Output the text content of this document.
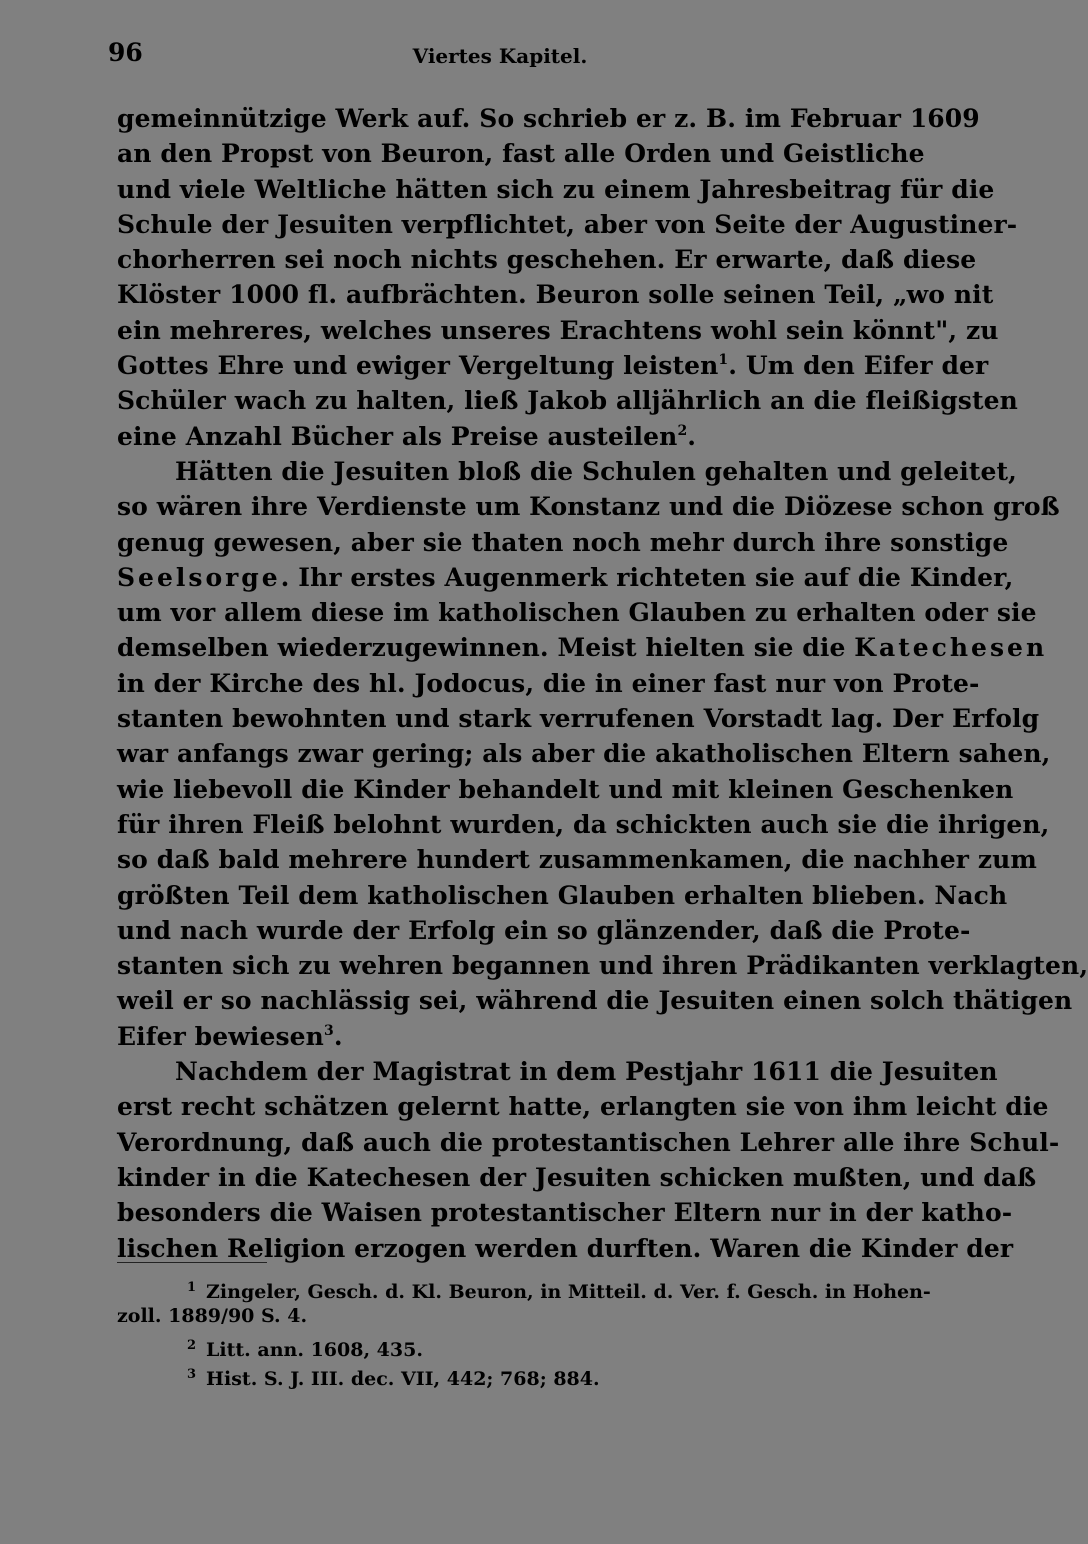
96	Viertes Kapitel.
gemeinnützige Werk auf. So schrieb er z. B. im Februar 1609
an den Propst von Beuron, fast alle Orden und Geistliche
und viele Weltliche hätten sich zu einem Jahresbeitrag für die
Schule der Jesuiten verpflichtet, aber von Seite der Augustiner-
chorherren sei noch nichts geschehen. Er erwarte, daß diese
Klöster 1000 fl. aufbrächten. Beuron solle seinen Teil, „wo nit
ein mehreres, welches unseres Erachtens wohl sein könnt", zu
Gottes Ehre und ewiger Vergeltung leisten$^1$. Um den Eifer der
Schüler wach zu halten, ließ Jakob alljährlich an die fleißigsten
eine Anzahl Bücher als Preise austeilen$^2$.
Hätten die Jesuiten bloß die Schulen gehalten und geleitet,
so wären ihre Verdienste um Konstanz und die Diözese schon groß
genug gewesen, aber sie thaten noch mehr durch ihre sonstige
Seelsorge. Ihr erstes Augenmerk richteten sie auf die Kinder,
um vor allem diese im katholischen Glauben zu erhalten oder sie
demselben wiederzugewinnen. Meist hielten sie die Katechesen
in der Kirche des hl. Jodocus, die in einer fast nur von Prote-
stanten bewohnten und stark verrufenen Vorstadt lag. Der Erfolg
war anfangs zwar gering; als aber die akatholischen Eltern sahen,
wie liebevoll die Kinder behandelt und mit kleinen Geschenken
für ihren Fleiß belohnt wurden, da schickten auch sie die ihrigen,
so daß bald mehrere hundert zusammenkamen, die nachher zum
größten Teil dem katholischen Glauben erhalten blieben. Nach
und nach wurde der Erfolg ein so glänzender, daß die Prote-
stanten sich zu wehren begannen und ihren Prädikanten verklagten,
weil er so nachlässig sei, während die Jesuiten einen solch thätigen
Eifer bewiesen$^3$.
Nachdem der Magistrat in dem Pestjahr 1611 die Jesuiten
erst recht schätzen gelernt hatte, erlangten sie von ihm leicht die
Verordnung, daß auch die protestantischen Lehrer alle ihre Schul-
kinder in die Katechesen der Jesuiten schicken mußten, und daß
besonders die Waisen protestantischer Eltern nur in der katho-
lischen Religion erzogen werden durften. Waren die Kinder der
$^1$ Zingeler, Gesch. d. Kl. Beuron, in Mitteil. d. Ver. f. Gesch. in Hohen-
zoll. 1889/90 S. 4.
$^2$ Litt. ann. 1608, 435.
$^3$ Hist. S. J. III. dec. VII, 442; 768; 884.
